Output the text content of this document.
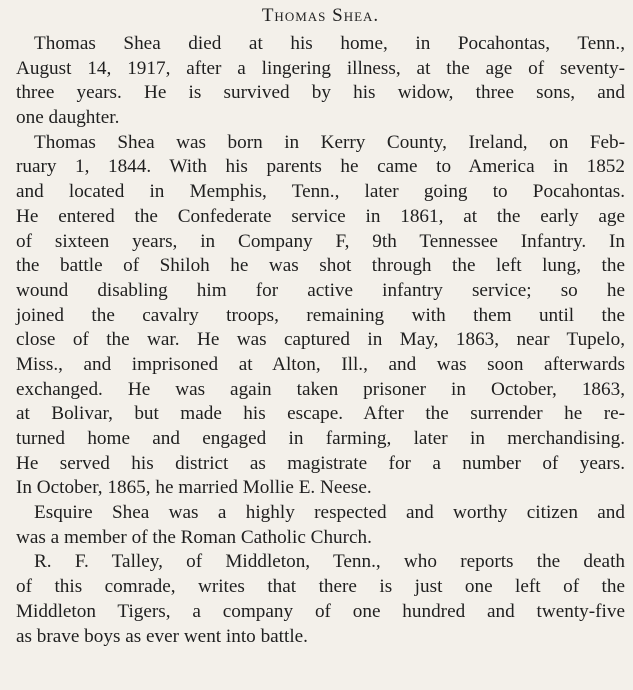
Thomas Shea.
Thomas Shea died at his home, in Pocahontas, Tenn.,
August 14, 1917, after a lingering illness, at the age of seventy-
three years. He is survived by his widow, three sons, and
one daughter.
Thomas Shea was born in Kerry County, Ireland, on Feb-
ruary 1, 1844. With his parents he came to America in 1852
and located in Memphis, Tenn., later going to Pocahontas.
He entered the Confederate service in 1861, at the early age
of sixteen years, in Company F, 9th Tennessee Infantry. In
the battle of Shiloh he was shot through the left lung, the
wound disabling him for active infantry service; so he
joined the cavalry troops, remaining with them until the
close of the war. He was captured in May, 1863, near Tupelo,
Miss., and imprisoned at Alton, Ill., and was soon afterwards
exchanged. He was again taken prisoner in October, 1863,
at Bolivar, but made his escape. After the surrender he re-
turned home and engaged in farming, later in merchandising.
He served his district as magistrate for a number of years.
In October, 1865, he married Mollie E. Neese.
Esquire Shea was a highly respected and worthy citizen and
was a member of the Roman Catholic Church.
R. F. Talley, of Middleton, Tenn., who reports the death
of this comrade, writes that there is just one left of the
Middleton Tigers, a company of one hundred and twenty-five
as brave boys as ever went into battle.
